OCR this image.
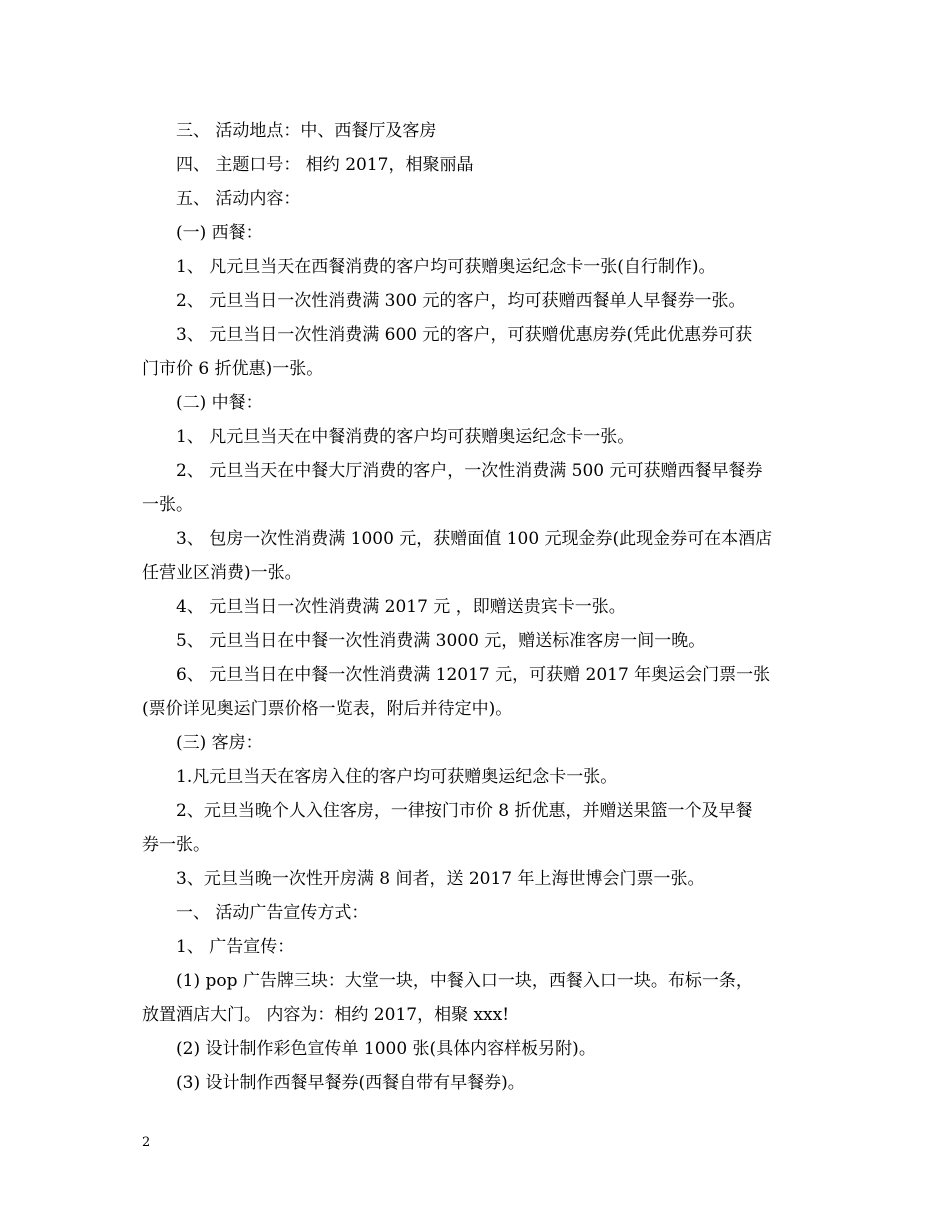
三、 活动地点：中、西餐厅及客房
四、 主题口号： 相约 2017，相聚丽晶
五、 活动内容：
(一) 西餐：
1、 凡元旦当天在西餐消费的客户均可获赠奥运纪念卡一张(自行制作)。
2、 元旦当日一次性消费满 300 元的客户，均可获赠西餐单人早餐券一张。
3、 元旦当日一次性消费满 600 元的客户，可获赠优惠房券(凭此优惠券可获
门市价 6 折优惠)一张。
(二) 中餐：
1、 凡元旦当天在中餐消费的客户均可获赠奥运纪念卡一张。
2、 元旦当天在中餐大厅消费的客户，一次性消费满 500 元可获赠西餐早餐券
一张。
3、 包房一次性消费满 1000 元，获赠面值 100 元现金券(此现金券可在本酒店
任营业区消费)一张。
4、 元旦当日一次性消费满 2017 元 ，即赠送贵宾卡一张。
5、 元旦当日在中餐一次性消费满 3000 元，赠送标准客房一间一晚。
6、 元旦当日在中餐一次性消费满 12017 元，可获赠 2017 年奥运会门票一张
(票价详见奥运门票价格一览表，附后并待定中)。
(三) 客房：
1.凡元旦当天在客房入住的客户均可获赠奥运纪念卡一张。
2、元旦当晚个人入住客房，一律按门市价 8 折优惠，并赠送果篮一个及早餐
券一张。
3、元旦当晚一次性开房满 8 间者，送 2017 年上海世博会门票一张。
一、 活动广告宣传方式：
1、 广告宣传：
(1) pop 广告牌三块：大堂一块，中餐入口一块，西餐入口一块。布标一条，
放置酒店大门。 内容为：相约 2017，相聚 xxx!
(2) 设计制作彩色宣传单 1000 张(具体内容样板另附)。
(3) 设计制作西餐早餐券(西餐自带有早餐券)。
2
